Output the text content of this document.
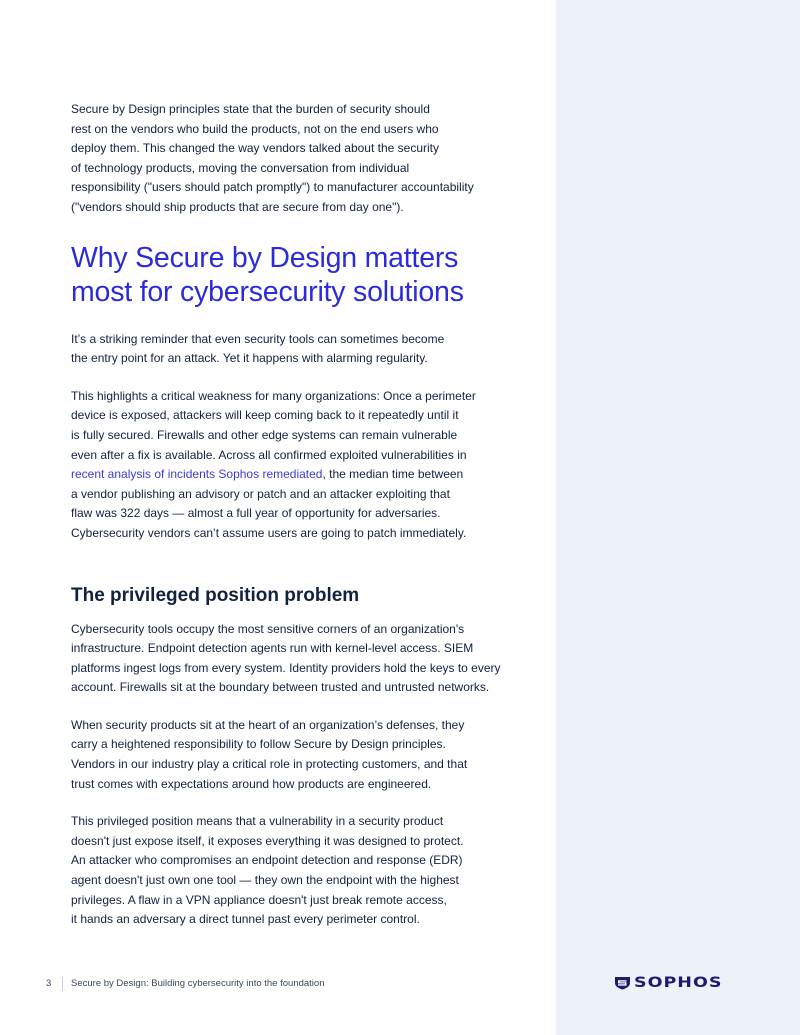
Secure by Design principles state that the burden of security should
rest on the vendors who build the products, not on the end users who
deploy them. This changed the way vendors talked about the security
of technology products, moving the conversation from individual
responsibility ("users should patch promptly") to manufacturer accountability
("vendors should ship products that are secure from day one").

Why Secure by Design matters
most for cybersecurity solutions

It’s a striking reminder that even security tools can sometimes become
the entry point for an attack. Yet it happens with alarming regularity.

This highlights a critical weakness for many organizations: Once a perimeter
device is exposed, attackers will keep coming back to it repeatedly until it
is fully secured. Firewalls and other edge systems can remain vulnerable
even after a fix is available. Across all confirmed exploited vulnerabilities in
recent analysis of incidents Sophos remediated, the median time between
a vendor publishing an advisory or patch and an attacker exploiting that
flaw was 322 days — almost a full year of opportunity for adversaries.
Cybersecurity vendors can’t assume users are going to patch immediately.

The privileged position problem

Cybersecurity tools occupy the most sensitive corners of an organization's
infrastructure. Endpoint detection agents run with kernel-level access. SIEM
platforms ingest logs from every system. Identity providers hold the keys to every
account. Firewalls sit at the boundary between trusted and untrusted networks.

When security products sit at the heart of an organization’s defenses, they
carry a heightened responsibility to follow Secure by Design principles.
Vendors in our industry play a critical role in protecting customers, and that
trust comes with expectations around how products are engineered.

This privileged position means that a vulnerability in a security product
doesn't just expose itself, it exposes everything it was designed to protect.
An attacker who compromises an endpoint detection and response (EDR)
agent doesn't just own one tool — they own the endpoint with the highest
privileges. A flaw in a VPN appliance doesn't just break remote access,
it hands an adversary a direct tunnel past every perimeter control.

3 Secure by Design: Building cybersecurity into the foundation	SOPHOS
